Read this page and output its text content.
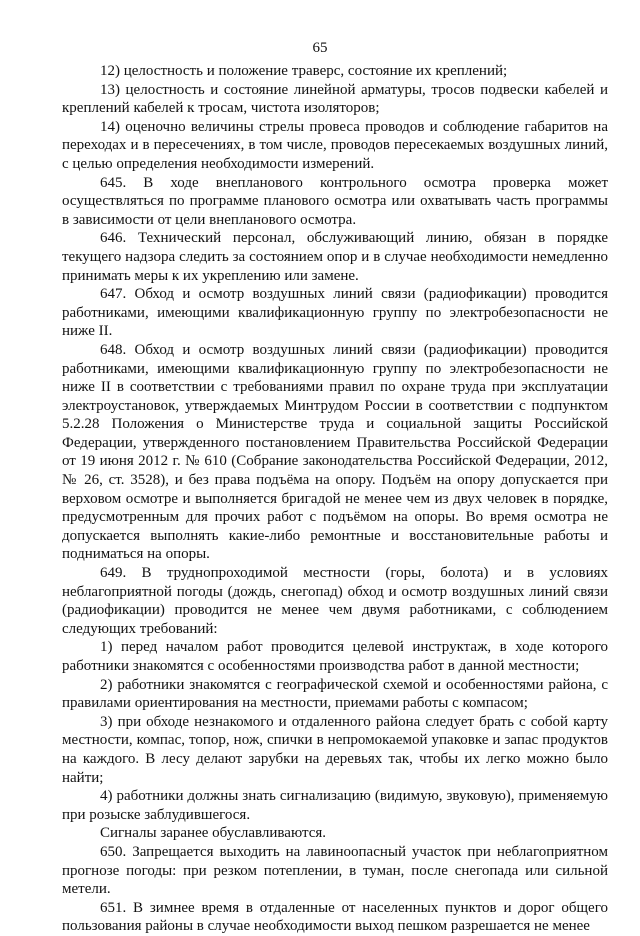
65

12) целостность и положение траверс, состояние их креплений;

13) целостность и состояние линейной арматуры, тросов подвески кабелей и креплений кабелей к тросам, чистота изоляторов;

14) оценочно величины стрелы провеса проводов и соблюдение габаритов на переходах и в пересечениях, в том числе, проводов пересекаемых воздушных линий, с целью определения необходимости измерений.

645. В ходе внепланового контрольного осмотра проверка может осуществляться по программе планового осмотра или охватывать часть программы в зависимости от цели внепланового осмотра.

646. Технический персонал, обслуживающий линию, обязан в порядке текущего надзора следить за состоянием опор и в случае необходимости немедленно принимать меры к их укреплению или замене.

647. Обход и осмотр воздушных линий связи (радиофикации) проводится работниками, имеющими квалификационную группу по электробезопасности не ниже II.

648. Обход и осмотр воздушных линий связи (радиофикации) проводится работниками, имеющими квалификационную группу по электробезопасности не ниже II в соответствии с требованиями правил по охране труда при эксплуатации электроустановок, утверждаемых Минтрудом России в соответствии с подпунктом 5.2.28 Положения о Министерстве труда и социальной защиты Российской Федерации, утвержденного постановлением Правительства Российской Федерации от 19 июня 2012 г. № 610 (Собрание законодательства Российской Федерации, 2012, № 26, ст. 3528), и без права подъёма на опору. Подъём на опору допускается при верховом осмотре и выполняется бригадой не менее чем из двух человек в порядке, предусмотренным для прочих работ с подъёмом на опоры. Во время осмотра не допускается выполнять какие-либо ремонтные и восстановительные работы и подниматься на опоры.

649. В труднопроходимой местности (горы, болота) и в условиях неблагоприятной погоды (дождь, снегопад) обход и осмотр воздушных линий связи (радиофикации) проводится не менее чем двумя работниками, с соблюдением следующих требований:

1) перед началом работ проводится целевой инструктаж, в ходе которого работники знакомятся с особенностями производства работ в данной местности;

2) работники знакомятся с географической схемой и особенностями района, с правилами ориентирования на местности, приемами работы с компасом;

3) при обходе незнакомого и отдаленного района следует брать с собой карту местности, компас, топор, нож, спички в непромокаемой упаковке и запас продуктов на каждого. В лесу делают зарубки на деревьях так, чтобы их легко можно было найти;

4) работники должны знать сигнализацию (видимую, звуковую), применяемую при розыске заблудившегося.

Сигналы заранее обуславливаются.

650. Запрещается выходить на лавиноопасный участок при неблагоприятном прогнозе погоды: при резком потеплении, в туман, после снегопада или сильной метели.

651. В зимнее время в отдаленные от населенных пунктов и дорог общего пользования районы в случае необходимости выход пешком разрешается не менее
